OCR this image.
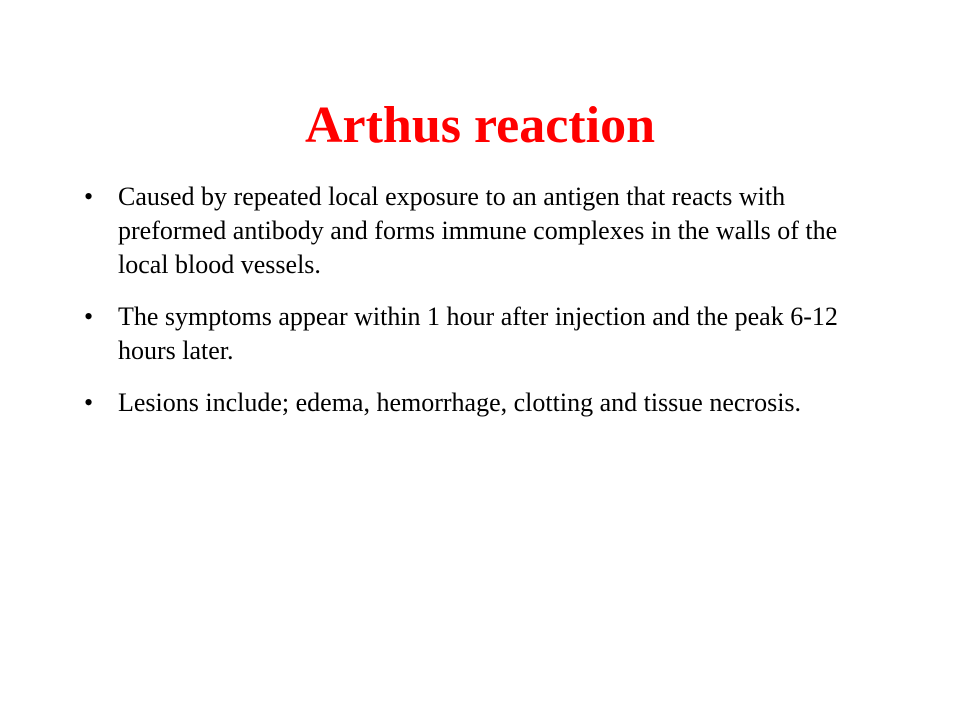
Arthus reaction
• Caused by repeated local exposure to an antigen that reacts with preformed antibody and forms immune complexes in the walls of the local blood vessels.
• The symptoms appear within 1 hour after injection and the peak 6-12 hours later.
• Lesions include; edema, hemorrhage, clotting and tissue necrosis.
